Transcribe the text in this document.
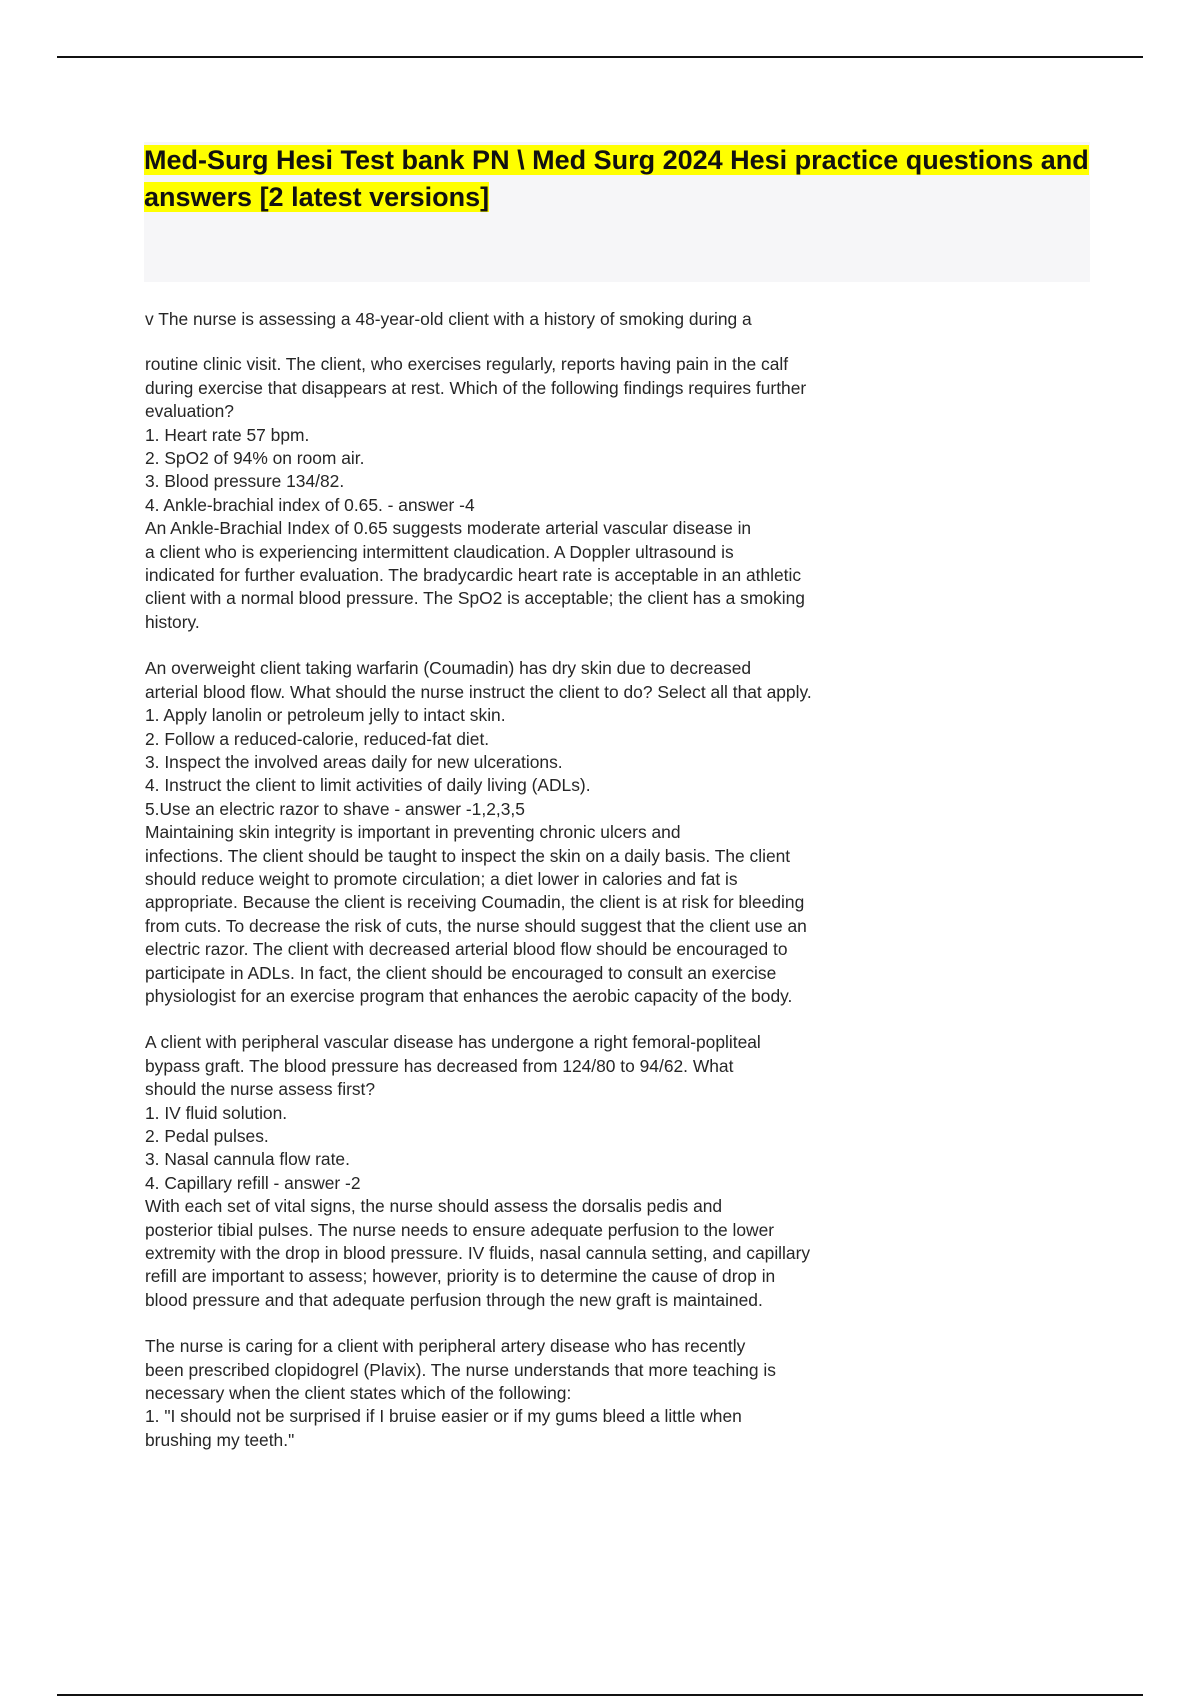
Med-Surg Hesi Test bank PN \ Med Surg 2024 Hesi practice questions and answers [2 latest versions]
v The nurse is assessing a 48-year-old client with a history of smoking during a
routine clinic visit. The client, who exercises regularly, reports having pain in the calf
during exercise that disappears at rest. Which of the following findings requires further
evaluation?
1. Heart rate 57 bpm.
2. SpO2 of 94% on room air.
3. Blood pressure 134/82.
4. Ankle-brachial index of 0.65. - answer -4
An Ankle-Brachial Index of 0.65 suggests moderate arterial vascular disease in
a client who is experiencing intermittent claudication. A Doppler ultrasound is
indicated for further evaluation. The bradycardic heart rate is acceptable in an athletic
client with a normal blood pressure. The SpO2 is acceptable; the client has a smoking
history.
An overweight client taking warfarin (Coumadin) has dry skin due to decreased
arterial blood flow. What should the nurse instruct the client to do? Select all that apply.
1. Apply lanolin or petroleum jelly to intact skin.
2. Follow a reduced-calorie, reduced-fat diet.
3. Inspect the involved areas daily for new ulcerations.
4. Instruct the client to limit activities of daily living (ADLs).
5.Use an electric razor to shave - answer -1,2,3,5
Maintaining skin integrity is important in preventing chronic ulcers and
infections. The client should be taught to inspect the skin on a daily basis. The client
should reduce weight to promote circulation; a diet lower in calories and fat is
appropriate. Because the client is receiving Coumadin, the client is at risk for bleeding
from cuts. To decrease the risk of cuts, the nurse should suggest that the client use an
electric razor. The client with decreased arterial blood flow should be encouraged to
participate in ADLs. In fact, the client should be encouraged to consult an exercise
physiologist for an exercise program that enhances the aerobic capacity of the body.
A client with peripheral vascular disease has undergone a right femoral-popliteal
bypass graft. The blood pressure has decreased from 124/80 to 94/62. What
should the nurse assess first?
1. IV fluid solution.
2. Pedal pulses.
3. Nasal cannula flow rate.
4. Capillary refill - answer -2
With each set of vital signs, the nurse should assess the dorsalis pedis and
posterior tibial pulses. The nurse needs to ensure adequate perfusion to the lower
extremity with the drop in blood pressure. IV fluids, nasal cannula setting, and capillary
refill are important to assess; however, priority is to determine the cause of drop in
blood pressure and that adequate perfusion through the new graft is maintained.
The nurse is caring for a client with peripheral artery disease who has recently
been prescribed clopidogrel (Plavix). The nurse understands that more teaching is
necessary when the client states which of the following:
1. "I should not be surprised if I bruise easier or if my gums bleed a little when
brushing my teeth."
